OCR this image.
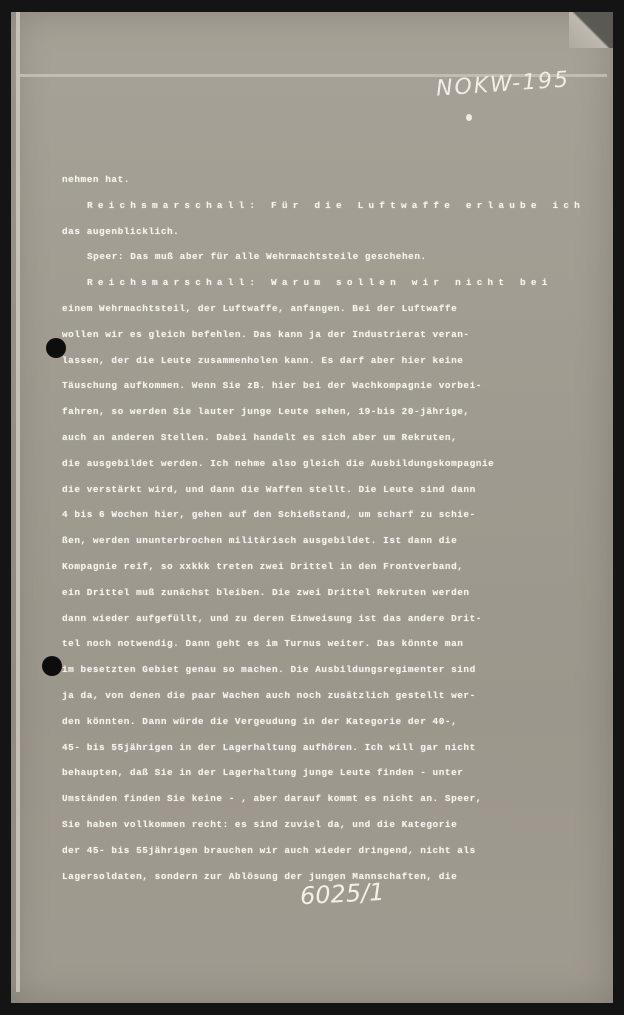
NOKW-195
nehmen hat.
Reichsmarschall: Für die Luftwaffe erlaube ich
das augenblicklich.
Speer: Das muß aber für alle Wehrmachtsteile geschehen.
Reichsmarschall: Warum sollen wir nicht bei
einem Wehrmachtsteil, der Luftwaffe, anfangen. Bei der Luftwaffe
wollen wir es gleich befehlen. Das kann ja der Industrierat veran-
lassen, der die Leute zusammenholen kann. Es darf aber hier keine
Täuschung aufkommen. Wenn Sie zB. hier bei der Wachkompagnie vorbei-
fahren, so werden Sie lauter junge Leute sehen, 19-bis 20-jährige,
auch an anderen Stellen. Dabei handelt es sich aber um Rekruten,
die ausgebildet werden. Ich nehme also gleich die Ausbildungskompagnie
die verstärkt wird, und dann die Waffen stellt. Die Leute sind dann
4 bis 6 Wochen hier, gehen auf den Schießstand, um scharf zu schie-
ßen, werden ununterbrochen militärisch ausgebildet. Ist dann die
Kompagnie reif, so xxkkk treten zwei Drittel in den Frontverband,
ein Drittel muß zunächst bleiben. Die zwei Drittel Rekruten werden
dann wieder aufgefüllt, und zu deren Einweisung ist das andere Drit-
tel noch notwendig. Dann geht es im Turnus weiter. Das könnte man
im besetzten Gebiet genau so machen. Die Ausbildungsregimenter sind
ja da, von denen die paar Wachen auch noch zusätzlich gestellt wer-
den könnten. Dann würde die Vergeudung in der Kategorie der 40-,
45- bis 55jährigen in der Lagerhaltung aufhören. Ich will gar nicht
behaupten, daß Sie in der Lagerhaltung junge Leute finden - unter
Umständen finden Sie keine - , aber darauf kommt es nicht an. Speer,
Sie haben vollkommen recht: es sind zuviel da, und die Kategorie
der 45- bis 55jährigen brauchen wir auch wieder dringend, nicht als
Lagersoldaten, sondern zur Ablösung der jungen Mannschaften, die
6025/1
